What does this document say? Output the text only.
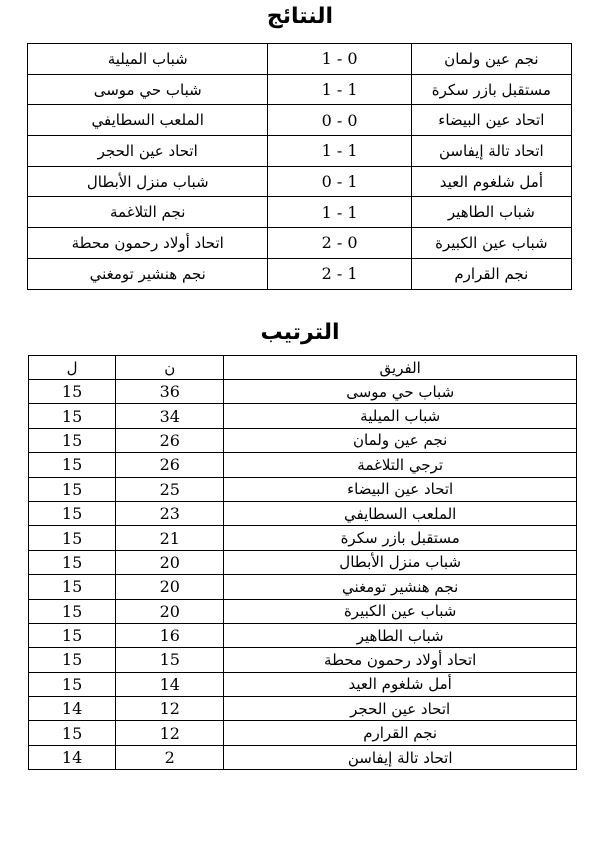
النتائج
شباب الميلية	1 - 0	نجم عين ولمان
شباب حي موسى	1 - 1	مستقبل بازر سكرة
الملعب السطايفي	0 - 0	اتحاد عين البيضاء
اتحاد عين الحجر	1 - 1	اتحاد تالة إيفاسن
شباب منزل الأبطال	0 - 1	أمل شلغوم العيد
نجم التلاغمة	1 - 1	شباب الطاهير
اتحاد أولاد رحمون محطة	2 - 0	شباب عين الكبيرة
نجم هنشير تومغني	2 - 1	نجم القرارم
الترتيب
ل	ن	الفريق
15	36	شباب حي موسى
15	34	شباب الميلية
15	26	نجم عين ولمان
15	26	ترجي التلاغمة
15	25	اتحاد عين البيضاء
15	23	الملعب السطايفي
15	21	مستقبل بازر سكرة
15	20	شباب منزل الأبطال
15	20	نجم هنشير تومغني
15	20	شباب عين الكبيرة
15	16	شباب الطاهير
15	15	اتحاد أولاد رحمون محطة
15	14	أمل شلغوم العيد
14	12	اتحاد عين الحجر
15	12	نجم القرارم
14	2	اتحاد تالة إيفاسن
